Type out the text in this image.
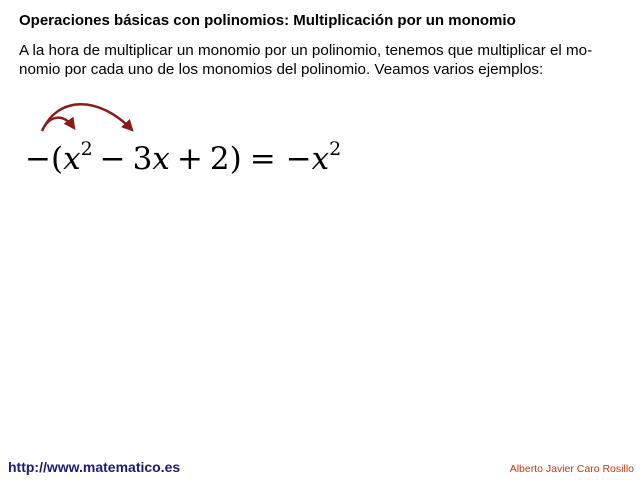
Operaciones básicas con polinomios: Multiplicación por un monomio

A la hora de multiplicar un monomio por un polinomio, tenemos que multiplicar el mo-
nomio por cada uno de los monomios del polinomio. Veamos varios ejemplos:

$-(x^2 - 3x + 2) = -x^2$
http://www.matematico.es	Alberto Javier Caro Rosillo
